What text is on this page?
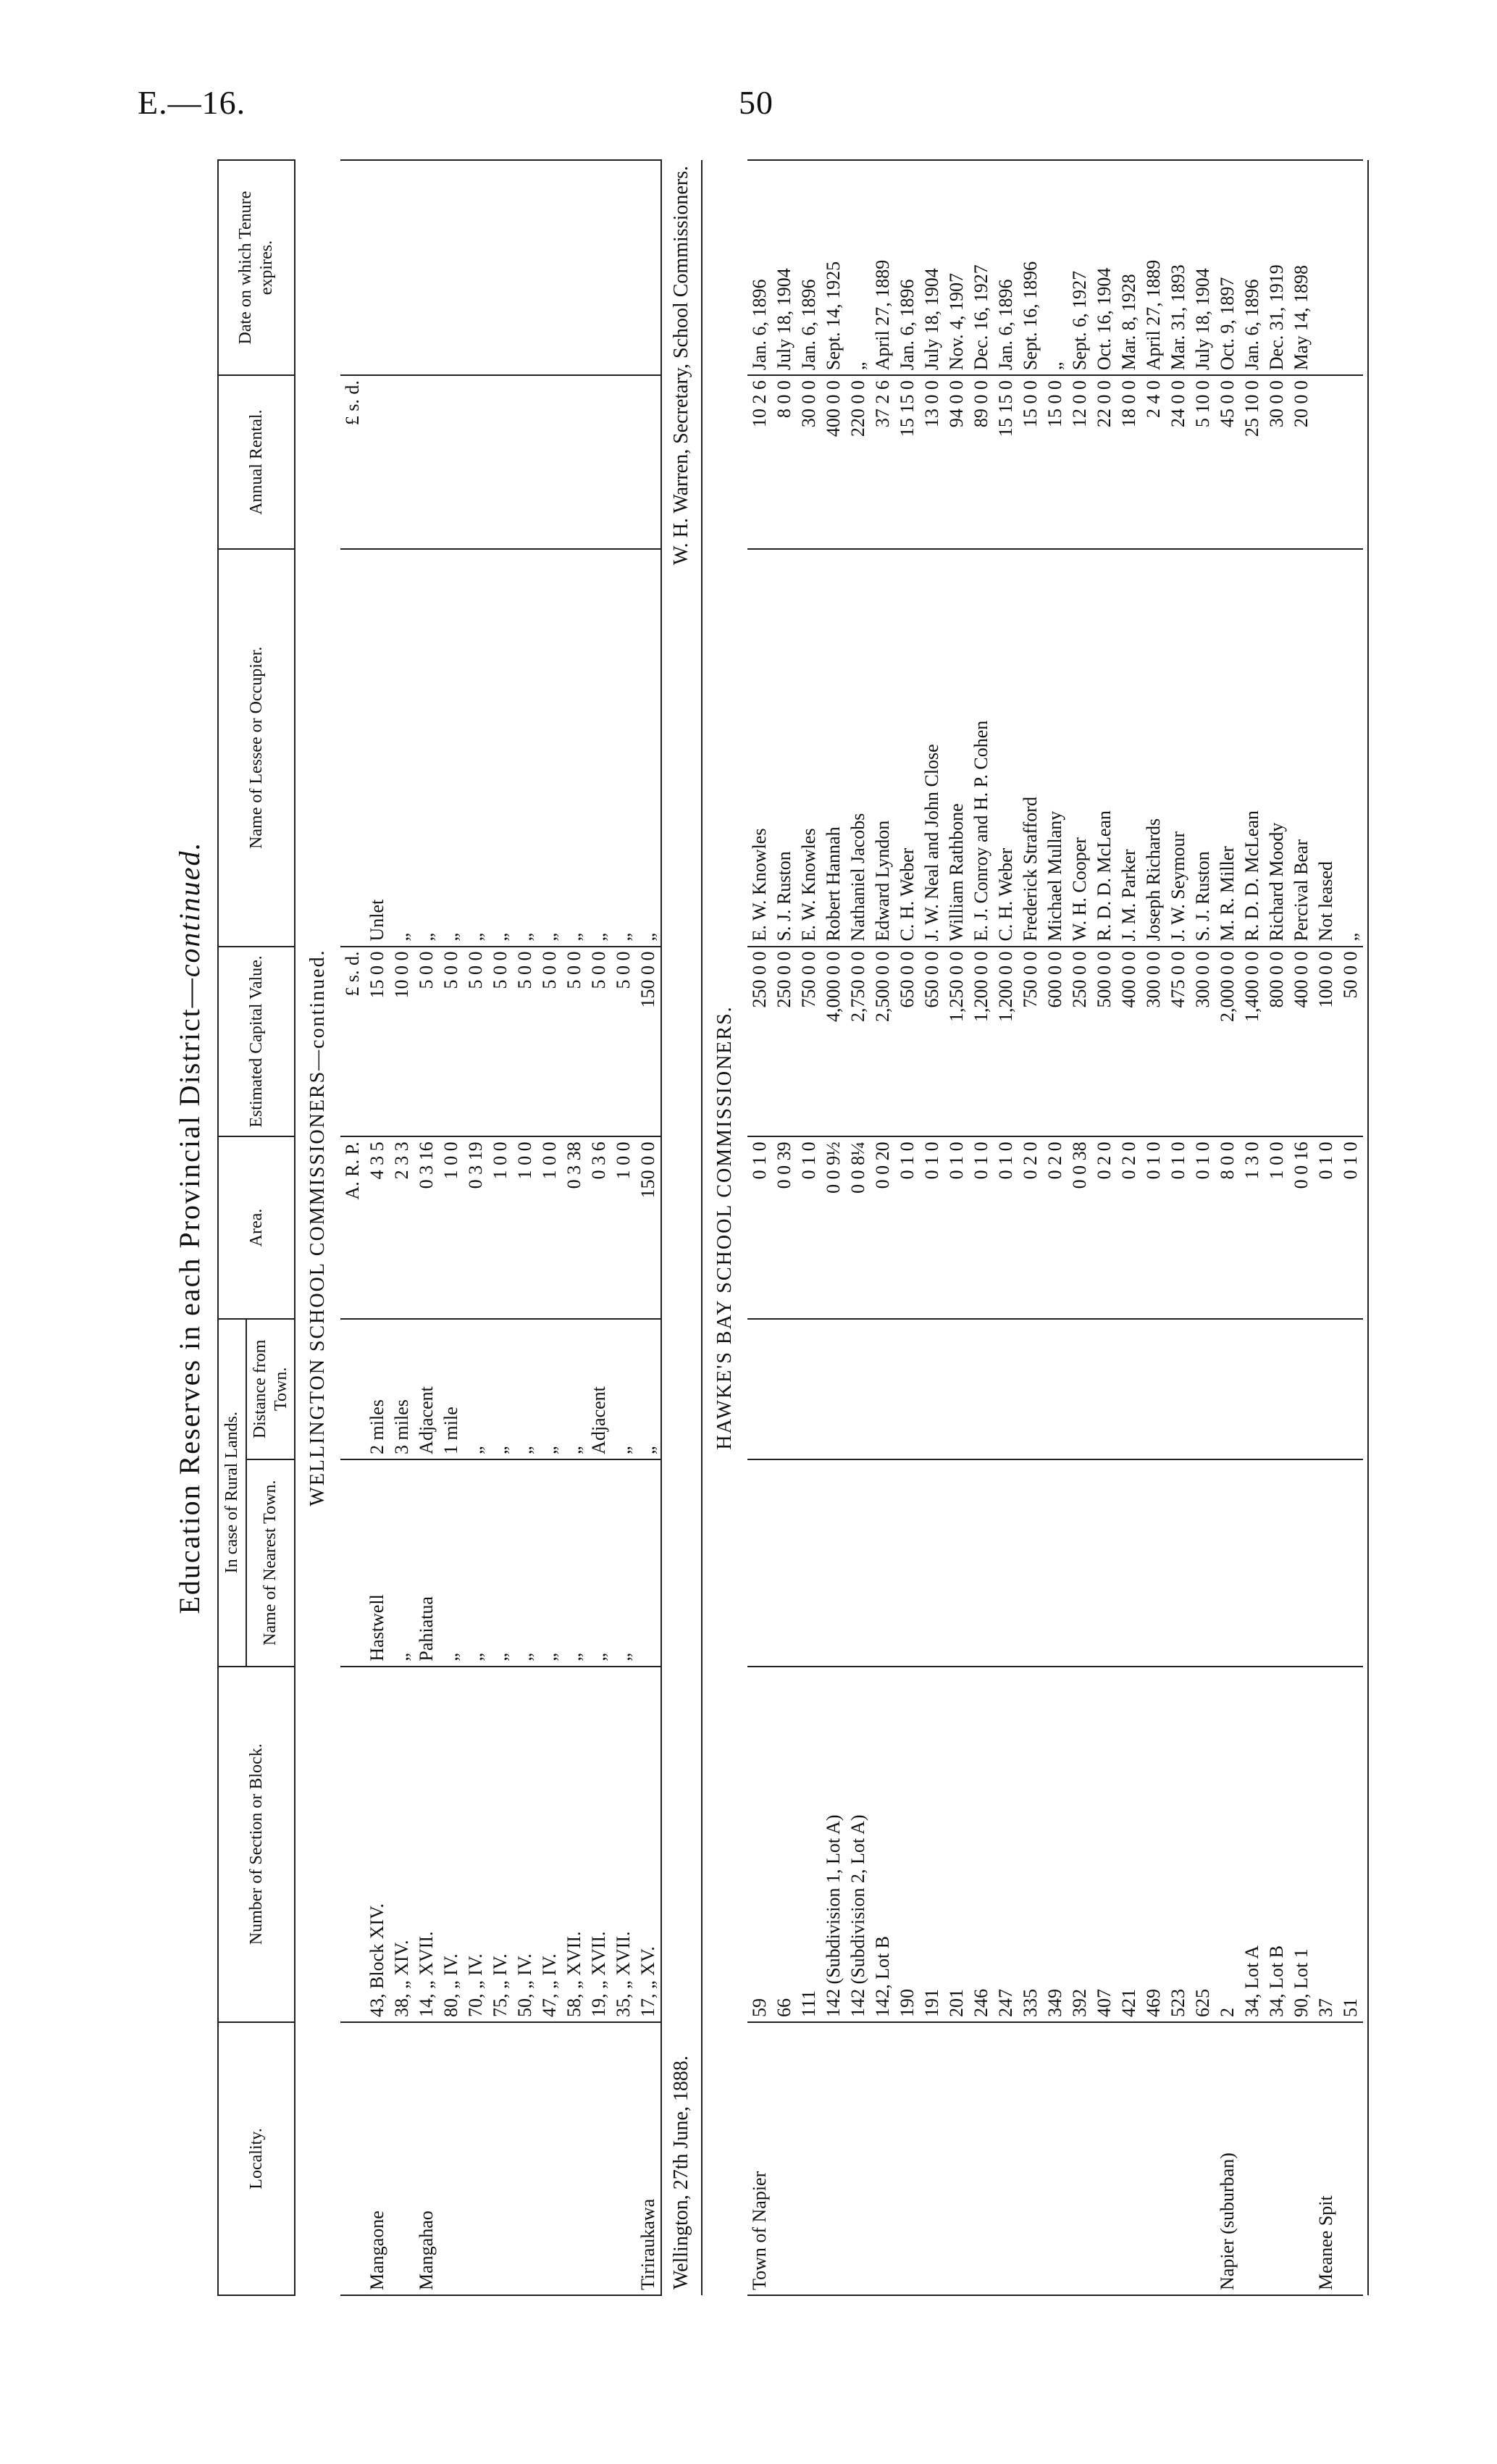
E.—16.	50
Education Reserves in each Provincial District—continued.
Locality.	Number of Section or Block.	In case of Rural Lands.		Area.	Estimated Capital Value.	Name of Lessee or Occupier.	Annual Rental.	Date on which Tenure expires.
		Name of Nearest Town.	Distance from Town.					
WELLINGTON SCHOOL COMMISSIONERS—continued.								
				A. R. P.	£ s. d.		£ s. d.	
Mangaone	43, Block XIV.	Hastwell	2 miles	4 3 5	15 0 0	Unlet		
	38, „ XIV.	„	3 miles	2 3 3	10 0 0	„		
Mangahao	14, „ XVII.	Pahiatua	Adjacent	0 3 16	5 0 0	„		
	80, „ IV.	„	1 mile	1 0 0	5 0 0	„		
	70, „ IV.	„	„	0 3 19	5 0 0	„		
	75, „ IV.	„	„	1 0 0	5 0 0	„		
	50, „ IV.	„	„	1 0 0	5 0 0	„		
	47, „ IV.	„	„	1 0 0	5 0 0	„		
	58, „ XVII.	„	„	0 3 38	5 0 0	„		
	19, „ XVII.	„	Adjacent	0 3 6	5 0 0	„		
	35, „ XVII.	„	„	1 0 0	5 0 0	„		
Tiriraukawa	17, „ XV.		„	150 0 0	150 0 0	„		
Wellington, 27th June, 1888.				W. H. Warren, Secretary, School Commissioners.				
HAWKE'S BAY SCHOOL COMMISSIONERS.								
Town of Napier	59			0 1 0	250 0 0	E. W. Knowles	10 2 6	Jan. 6, 1896
	66			0 0 39	250 0 0	S. J. Ruston	8 0 0	July 18, 1904
	111			0 1 0	750 0 0	E. W. Knowles	30 0 0	Jan. 6, 1896
	142 (Subdivision 1, Lot A)			0 0 9½	4,000 0 0	Robert Hannah	400 0 0	Sept. 14, 1925
	142 (Subdivision 2, Lot A)			0 0 8¼	2,750 0 0	Nathaniel Jacobs	220 0 0	„
	142, Lot B			0 0 20	2,500 0 0	Edward Lyndon	37 2 6	April 27, 1889
	190			0 1 0	650 0 0	C. H. Weber	15 15 0	Jan. 6, 1896
	191			0 1 0	650 0 0	J. W. Neal and John Close	13 0 0	July 18, 1904
	201			0 1 0	1,250 0 0	William Rathbone	94 0 0	Nov. 4, 1907
	246			0 1 0	1,200 0 0	E. J. Conroy and H. P. Cohen	89 0 0	Dec. 16, 1927
	247			0 1 0	1,200 0 0	C. H. Weber	15 15 0	Jan. 6, 1896
	335			0 2 0	750 0 0	Frederick Strafford	15 0 0	Sept. 16, 1896
	349			0 2 0	600 0 0	Michael Mullany	15 0 0	„
	392			0 0 38	250 0 0	W. H. Cooper	12 0 0	Sept. 6, 1927
	407			0 2 0	500 0 0	R. D. D. McLean	22 0 0	Oct. 16, 1904
	421			0 2 0	400 0 0	J. M. Parker	18 0 0	Mar. 8, 1928
	469			0 1 0	300 0 0	Joseph Richards	2 4 0	April 27, 1889
	523			0 1 0	475 0 0	J. W. Seymour	24 0 0	Mar. 31, 1893
	625			0 1 0	300 0 0	S. J. Ruston	5 10 0	July 18, 1904
Napier (suburban)	2			8 0 0	2,000 0 0	M. R. Miller	45 0 0	Oct. 9, 1897
	34, Lot A			1 3 0	1,400 0 0	R. D. D. McLean	25 10 0	Jan. 6, 1896
	34, Lot B			1 0 0	800 0 0	Richard Moody	30 0 0	Dec. 31, 1919
	90, Lot 1			0 0 16	400 0 0	Percival Bear	20 0 0	May 14, 1898
Meanee Spit	37			0 1 0	100 0 0	Not leased		
	51			0 1 0	50 0 0	„		
